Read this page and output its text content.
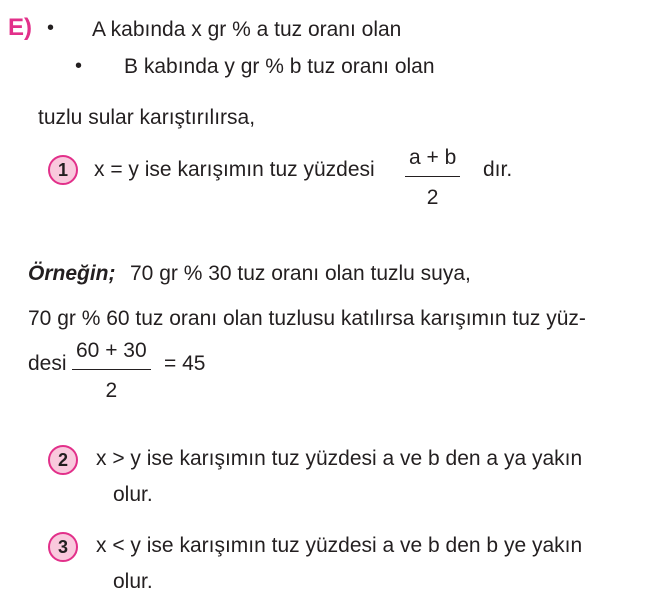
E) • A kabında x gr % a tuz oranı olan
• B kabında y gr % b tuz oranı olan
tuzlu sular karıştırılırsa,
1 x = y ise karışımın tuz yüzdesi
a + b
2
dır.
Örneğin; 70 gr % 30 tuz oranı olan tuzlu suya,
70 gr % 60 tuz oranı olan tuzlusu katılırsa karışımın tuz yüz-
desi
60 + 30
2
= 45
2 x > y ise karışımın tuz yüzdesi a ve b den a ya yakın
olur.
3 x < y ise karışımın tuz yüzdesi a ve b den b ye yakın
olur.
